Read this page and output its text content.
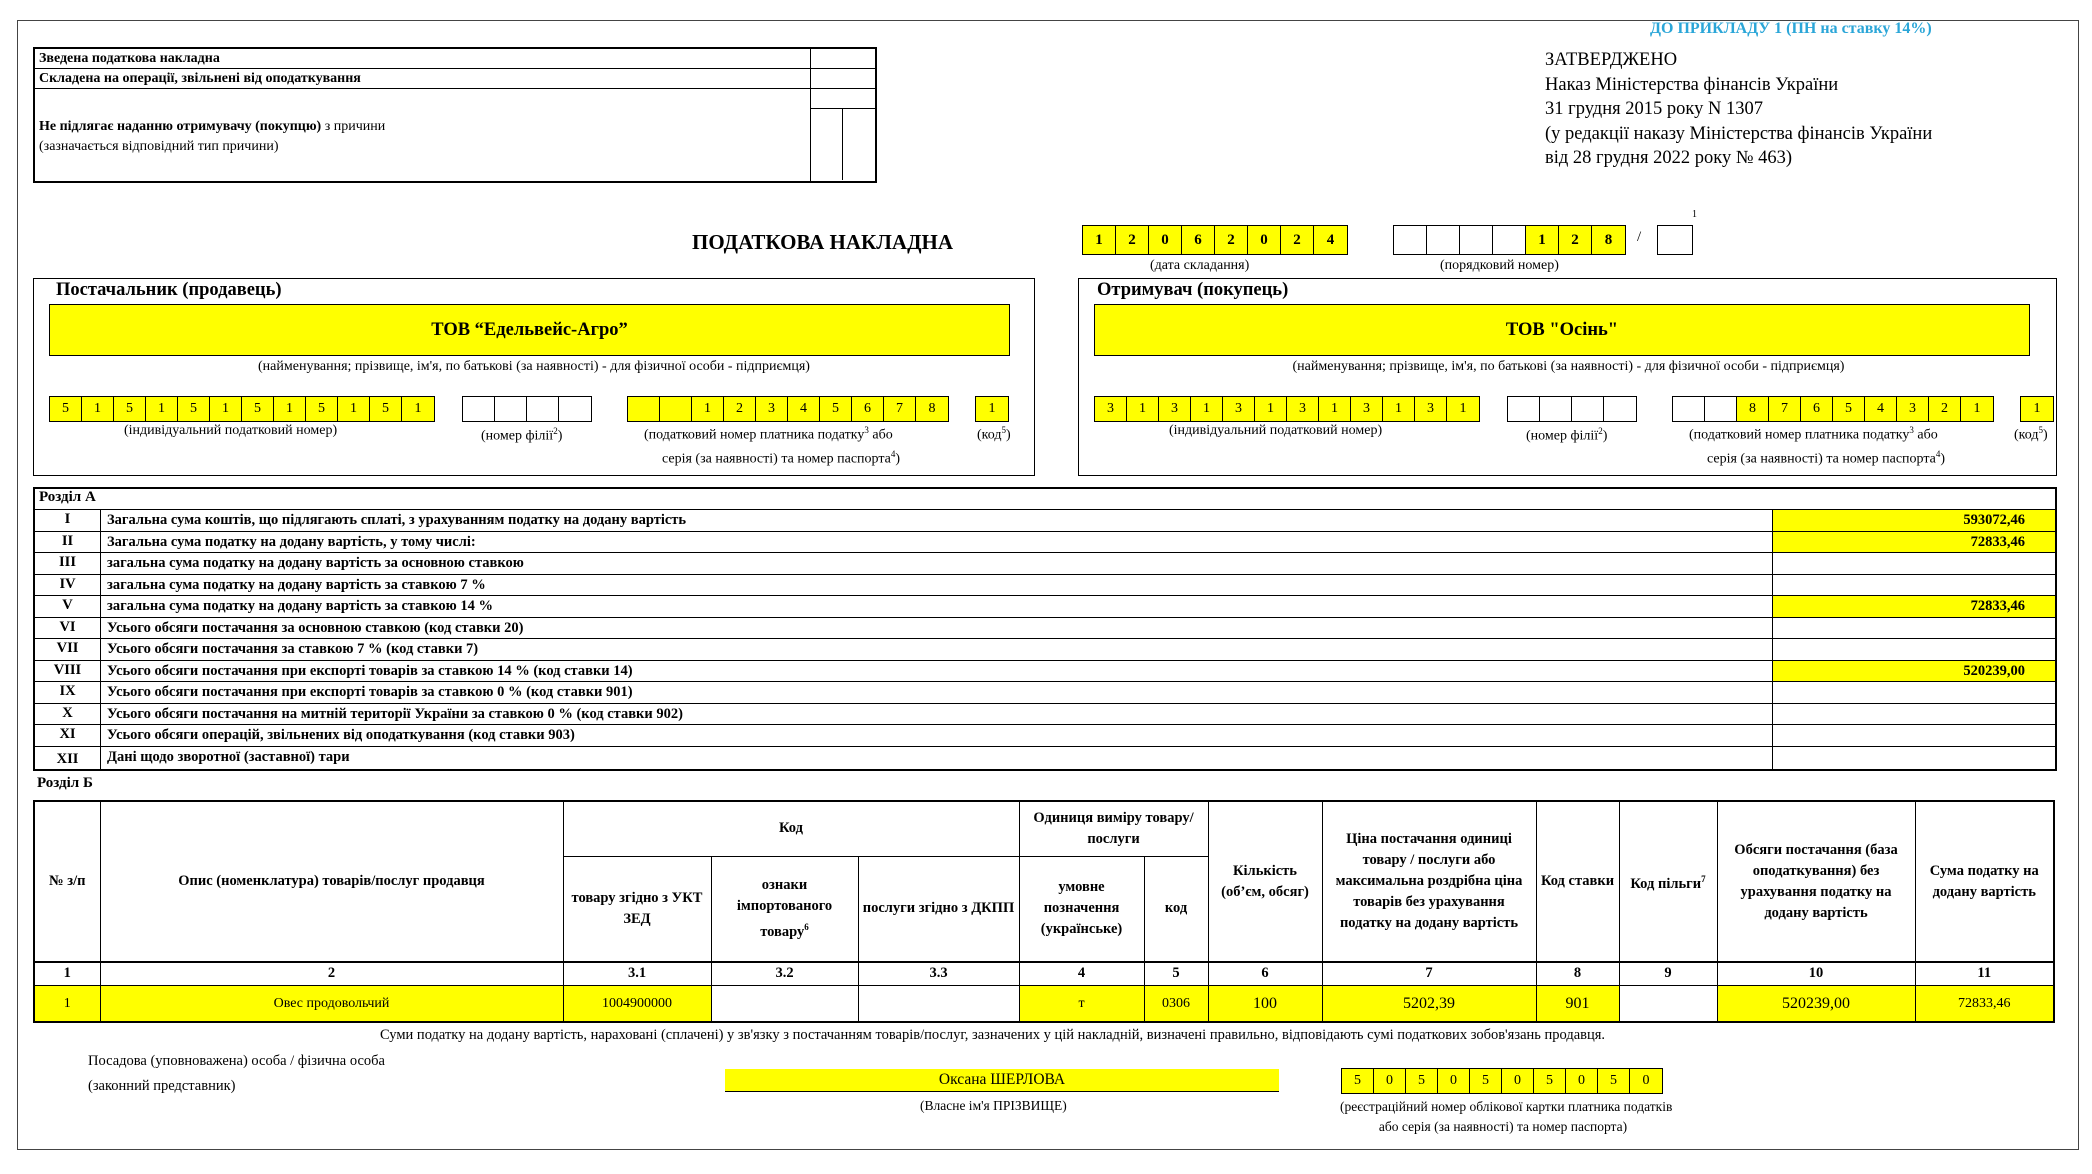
ДО ПРИКЛАДУ 1 (ПН на ставку 14%)
Зведена податкова накладна
Складена на операції, звільнені від оподаткування
Не підлягає наданню отримувачу (покупцю) з причини
(зазначається відповідний тип причини)
ЗАТВЕРДЖЕНО
Наказ Міністерства фінансів України
31 грудня 2015 року N 1307
(у редакції наказу Міністерства фінансів України
від 28 грудня 2022 року № 463)
ПОДАТКОВА НАКЛАДНА	1	2	0	6	2	0	2	4
(дата складання)
1	2	8	/
1
(порядковий номер)
Постачальник (продавець)
ТОВ “Едельвейс-Агро”
(найменування; прізвище, ім'я, по батькові (за наявності) - для фізичної особи - підприємця)
5	1	5	1	5	1	5	1	5	1	5	1
(індивідуальний податковий номер)	(номер філії$^2$)
1	2	3	4	5	6	7	8
(податковий номер платника податку$^3$ або
серія (за наявності) та номер паспорта$^4$)
1
(код$^5$)
Отримувач (покупець)
ТОВ "Осінь"
(найменування; прізвище, ім'я, по батькові (за наявності) - для фізичної особи - підприємця)
3	1	3	1	3	1	3	1	3	1	3	1
(індивідуальний податковий номер)	(номер філії$^2$)
8	7	6	5	4	3	2	1
(податковий номер платника податку$^3$ або
серія (за наявності) та номер паспорта$^4$)
1
(код$^5$)
Розділ А
I	Загальна сума коштів, що підлягають сплаті, з урахуванням податку на додану вартість	593072,46
II	Загальна сума податку на додану вартість, у тому числі:	72833,46
III	загальна сума податку на додану вартість за основною ставкою
IV	загальна сума податку на додану вартість за ставкою 7 %
V	загальна сума податку на додану вартість за ставкою 14 %	72833,46
VI	Усього обсяги постачання за основною ставкою (код ставки 20)
VII	Усього обсяги постачання за ставкою 7 % (код ставки 7)
VIII	Усього обсяги постачання при експорті товарів за ставкою 14 % (код ставки 14)	520239,00
IX	Усього обсяги постачання при експорті товарів за ставкою 0 % (код ставки 901)
X	Усього обсяги постачання на митній території України за ставкою 0 % (код ставки 902)
XI	Усього обсяги операцій, звільнених від оподаткування (код ставки 903)
XII	Дані щодо зворотної (заставної) тари
Розділ Б
№ з/п	Опис (номенклатура) товарів/послуг продавця	Код			Одиниця виміру товару/послуги		Кількість (об’єм, обсяг)	Ціна постачання одиниці товару / послуги або максимальна роздрібна ціна товарів без урахування податку на додану вартість	Код ставки	Код пільги$^7$	Обсяги постачання (база оподаткування) без урахування податку на додану вартість	Сума податку на додану вартість
		товару згідно з УКТ ЗЕД	ознаки імпортованого товару$^6$	послуги згідно з ДКПП	умовне позначення (українське)	код						
1	2	3.1	3.2	3.3	4	5	6	7	8	9	10	11
1	Овес продовольчий	1004900000			т	0306	100	5202,39	901		520239,00	72833,46
Суми податку на додану вартість, нараховані (сплачені) у зв'язку з постачанням товарів/послуг, зазначених у цій накладній, визначені правильно, відповідають сумі податкових зобов'язань продавця.
Посадова (уповноважена) особа / фізична особа
(законний представник)	Оксана ШЕРЛОВА
(Власне ім'я ПРІЗВИЩЕ)
5	0	5	0	5	0	5	0	5	0
(реєстраційний номер облікової картки платника податків
або серія (за наявності) та номер паспорта)
